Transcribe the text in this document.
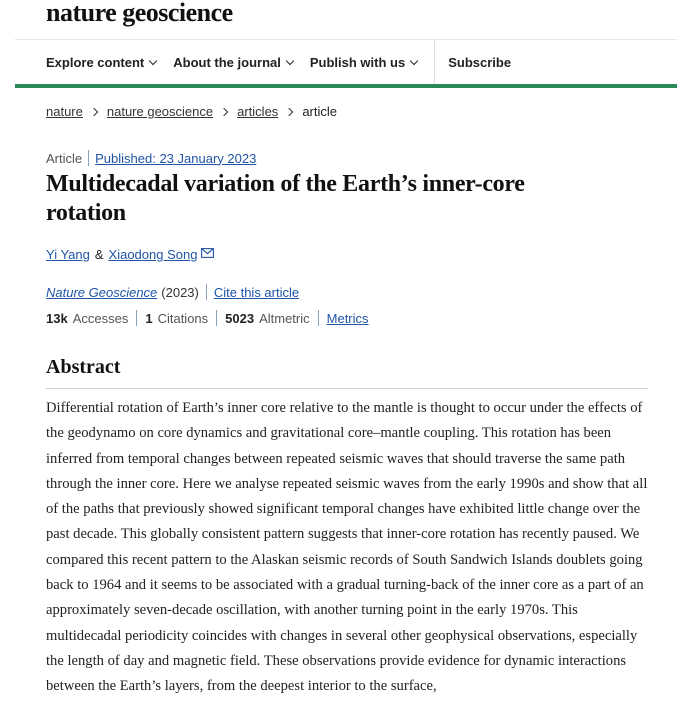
nature geoscience
Explore content About the journal Publish with us	Subscribe
nature nature geoscience articles article
Article Published: 23 January 2023
Multidecadal variation of the Earth’s inner-core rotation
Yi Yang & Xiaodong Song
Nature Geoscience (2023) Cite this article
13k Accesses 1 Citations 5023 Altmetric Metrics
Abstract

Differential rotation of Earth’s inner core relative to the mantle is thought to occur under the effects of the geodynamo on core dynamics and gravitational core–mantle coupling. This rotation has been inferred from temporal changes between repeated seismic waves that should traverse the same path through the inner core. Here we analyse repeated seismic waves from the early 1990s and show that all of the paths that previously showed significant temporal changes have exhibited little change over the past decade. This globally consistent pattern suggests that inner-core rotation has recently paused. We compared this recent pattern to the Alaskan seismic records of South Sandwich Islands doublets going back to 1964 and it seems to be associated with a gradual turning-back of the inner core as a part of an approximately seven-decade oscillation, with another turning point in the early 1970s. This multidecadal periodicity coincides with changes in several other geophysical observations, especially the length of day and magnetic field. These observations provide evidence for dynamic interactions between the Earth’s layers, from the deepest interior to the surface,
